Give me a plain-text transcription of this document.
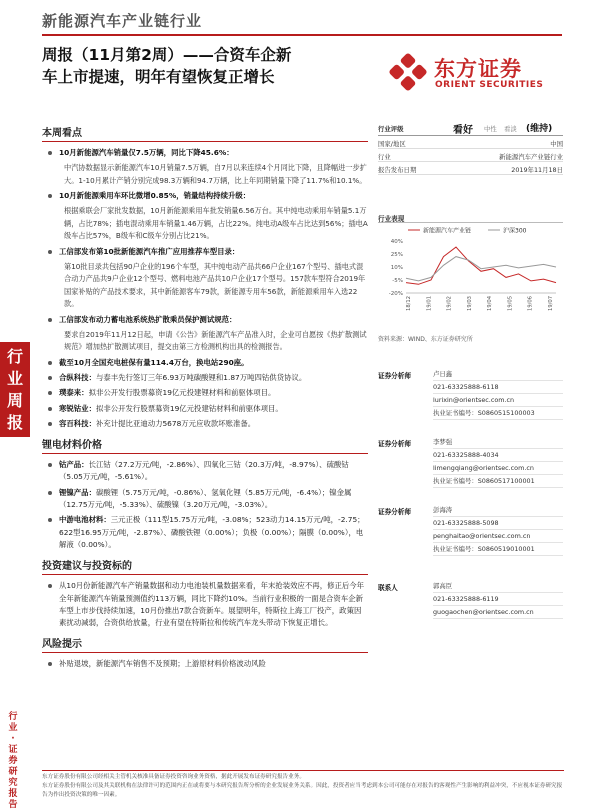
新能源汽车产业链行业
周报（11月第2周）——合资车企新
车上市提速，明年有望恢复正增长	东方证券
ORIENT SECURITIES
行
业
周
报
行
业
·
证
券
研
究
报
告
本周看点
10月新能源汽车销量仅7.5万辆，同比下降45.6%：
中汽协数据显示新能源汽车10月销量7.5万辆，自7月以来连续4个月同比下降，且降幅进一步扩大。1-10月累计产销分别完成98.3万辆和94.7万辆，比上年同期销量下降了11.7%和10.1%。
10月新能源乘用车环比微增0.85%，销量结构持续升级：
根据乘联会厂家批发数据，10月新能源乘用车批发销量6.56万台。其中纯电动乘用车销量5.1万辆，占比78%；插电混动乘用车销量1.46万辆，占比22%。纯电动A级车占比达到56%；插电A级车占比57%，B级车和C级车分别占比21%。
工信部发布第10批新能源汽车推广应用推荐车型目录：
第10批目录共包括90户企业的196个车型，其中纯电动产品共66户企业167个型号、插电式混合动力产品共9户企业12个型号、燃料电池产品共10户企业17个型号。157款车型符合2019年国家补贴的产品技术要求，其中新能源客车79款，新能源专用车56款，新能源乘用车入选22款。
工信部发布动力蓄电池系统热扩散乘员保护测试规范：
要求自2019年11月12日起，申请《公告》新能源汽车产品准入时，企业可自愿按《热扩散测试规范》增加热扩散测试项目，提交由第三方检测机构出具的检测报告。
截至10月全国充电桩保有量114.4万台，换电站290座。
合纵科技：与泰丰先行签订三年6.93万吨碳酸锂和1.87万吨四钴供货协议。
璞泰来：拟非公开发行股票募资19亿元投建锂材料和前驱体项目。
寒锐钴业：拟非公开发行股票募资19亿元投建钴材料和前驱体项目。
容百科技：补充计提比亚迪动力5678万元应收款坏账准备。
锂电材料价格
钴产品：长江钴（27.2万元/吨，-2.86%）、四氧化三钴（20.3万/吨，-8.97%）、硫酸钴（5.05万元/吨，-5.61%）。
锂镍产品：碳酸锂（5.75万元/吨，-0.86%）、氢氧化锂（5.85万元/吨，-6.4%）；镍金属（12.75万元/吨，-5.33%）、硫酸镍（3.20万元/吨，-3.03%）。
中游电池材料：三元正极（111型15.75万元/吨，-3.08%；523动力14.15万元/吨，-2.75；622型16.95万元/吨，-2.87%）、磷酸铁锂（0.00%）；负极（0.00%）；隔膜（0.00%），电解液（0.00%）。
投资建议与投资标的
从10月份新能源汽车产销量数据和动力电池装机量数据来看，年末抢装效应不再，修正后今年全年新能源汽车销量预测值约113万辆，同比下降约10%。当前行业积极的一面是合资车企新车型上市步伐持续加速，10月份推出7款合资新车。展望明年，特斯拉上海工厂投产，政策因素扰动减弱，合资供给放量，行业有望在特斯拉和传统汽车龙头带动下恢复正增长。
风险提示
补贴退坡，新能源汽车销售不及预期；上游原材料价格波动风险
行业评级	看好 中性 看淡 (维持)
国家/地区	中国
行业	新能源汽车产业链行业
报告发布日期	2019年11月18日
行业表现
新能源汽车产业链	沪深300
40%
25%
10%
-5%
-20%
18/12	19/01	19/02	19/03	19/04	19/05	19/06	19/07
资料来源：WIND、东方证券研究所
证券分析师	卢日鑫
021-63325888-6118
lurixin@orientsec.com.cn
执业证书编号：S0860515100003
证券分析师	李梦强
021-63325888-4034
limengqiang@orientsec.com.cn
执业证书编号：S0860517100001
证券分析师	彭海涛
021-63325888-5098
penghaitao@orientsec.com.cn
执业证书编号：S0860519010001
联系人	郭高臣
021-63325888-6119
guogaochen@orientsec.com.cn
东方证券股份有限公司经相关主管机关核准具备证券投资咨询业务资格，据此开展发布证券研究报告业务。
东方证券股份有限公司及其关联机构在法律许可的范围内正在或将要与本研究报告所分析的企业发展业务关系。因此，投资者应当考虑到本公司可能存在对报告的客观性产生影响的利益冲突，不应视本证券研究报告为作出投资决策的唯一因素。
